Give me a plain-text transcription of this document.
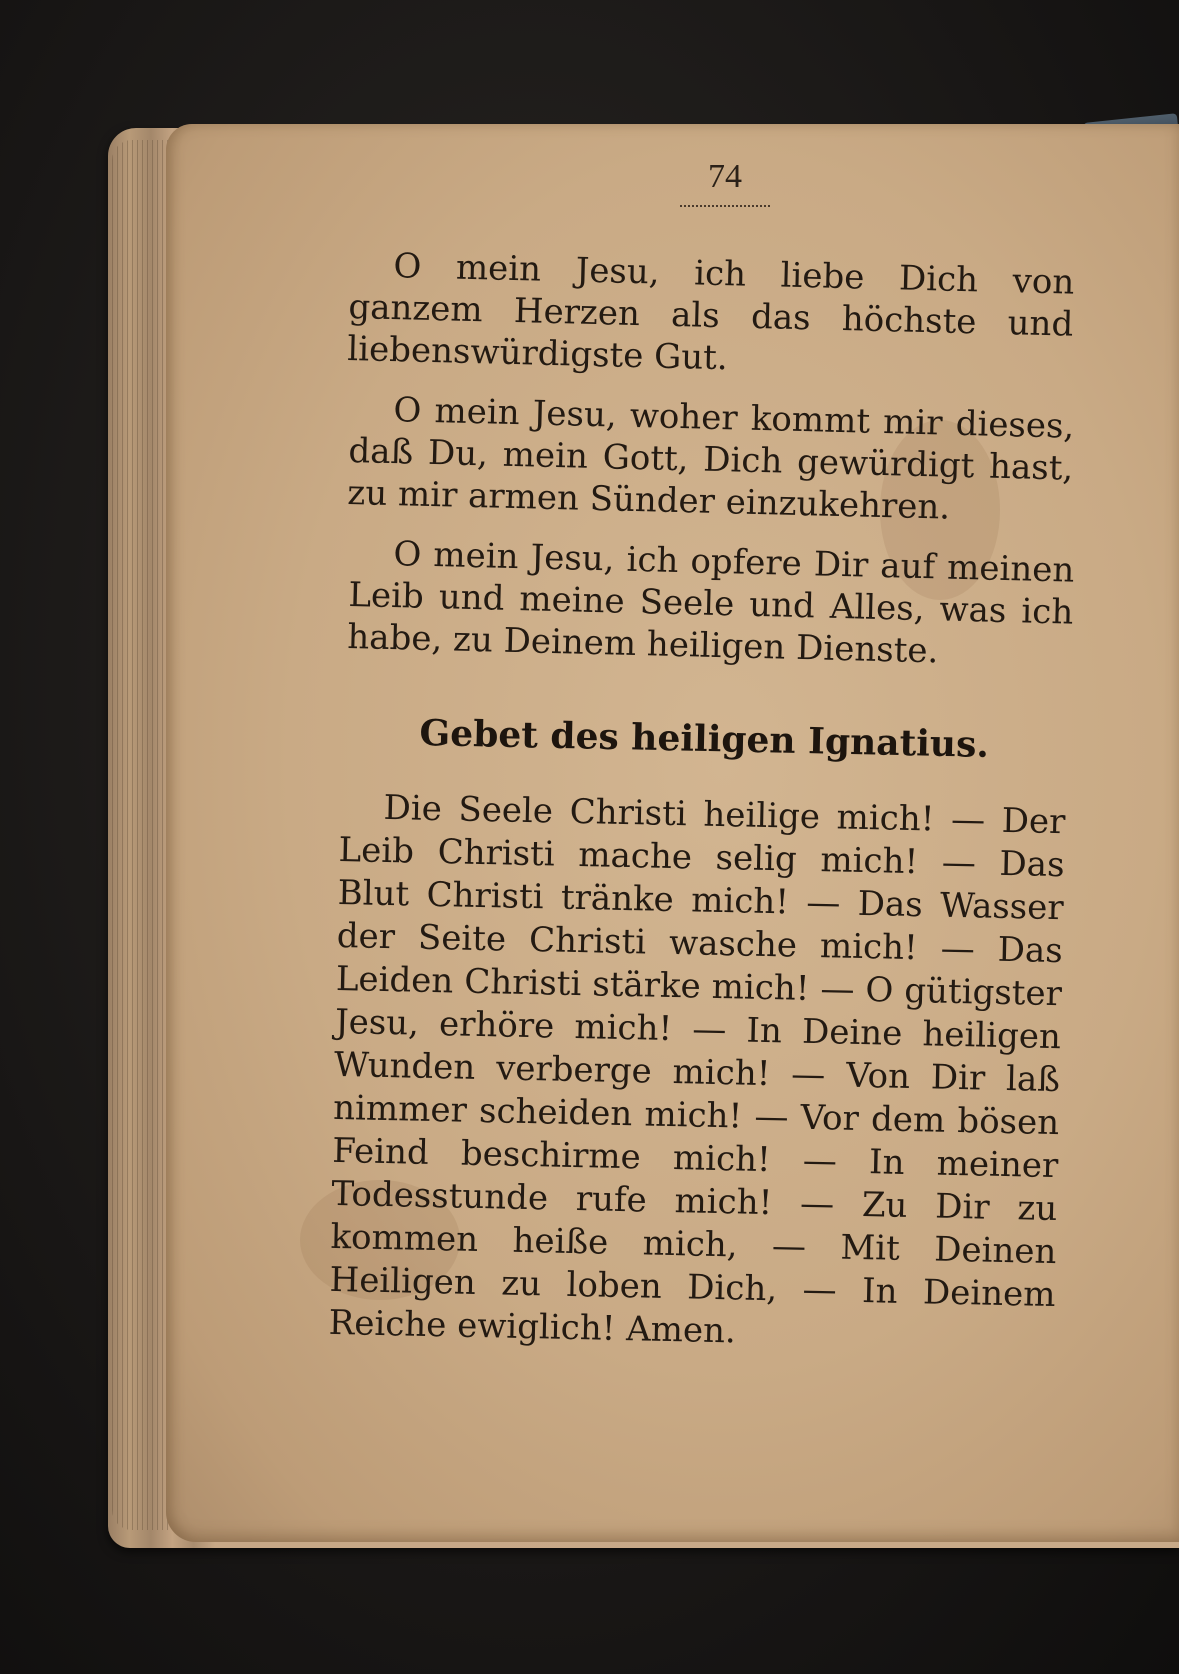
74

O mein Jesu, ich liebe Dich von ganzem Herzen als das höchste und liebenswürdigste Gut.

O mein Jesu, woher kommt mir dieses, daß Du, mein Gott, Dich gewürdigt hast, zu mir armen Sünder einzukehren.

O mein Jesu, ich opfere Dir auf meinen Leib und meine Seele und Alles, was ich habe, zu Deinem heiligen Dienste.

Gebet des heiligen Ignatius.

Die Seele Christi heilige mich! — Der Leib Christi mache selig mich! — Das Blut Christi tränke mich! — Das Wasser der Seite Christi wasche mich! — Das Leiden Christi stärke mich! — O gütigster Jesu, erhöre mich! — In Deine heiligen Wunden verberge mich! — Von Dir laß nimmer scheiden mich! — Vor dem bösen Feind beschirme mich! — In meiner Todesstunde rufe mich! — Zu Dir zu kommen heiße mich, — Mit Deinen Heiligen zu loben Dich, — In Deinem Reiche ewiglich! Amen.
